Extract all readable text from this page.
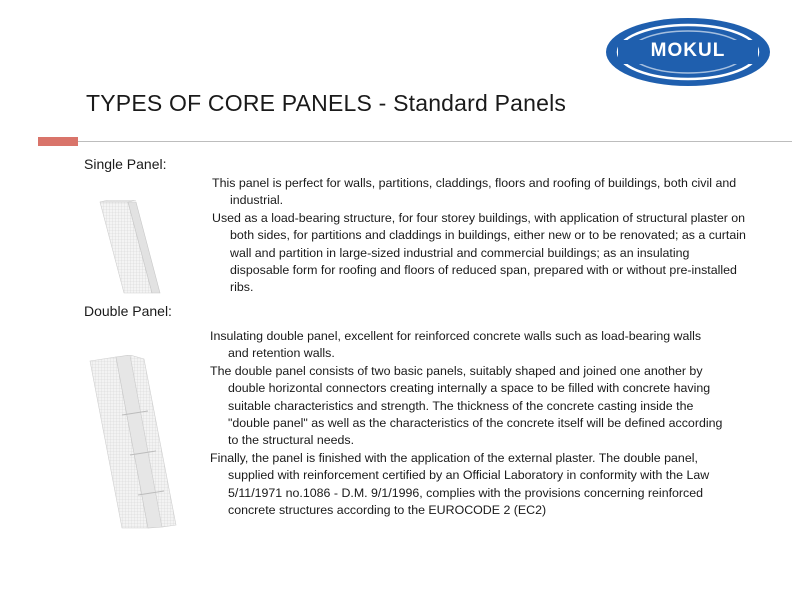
MOKUL
TYPES OF CORE PANELS - Standard Panels
Single Panel:

This panel is perfect for walls, partitions, claddings, floors and roofing of buildings, both civil and industrial.

Used as a load-bearing structure, for four storey buildings, with application of structural plaster on both sides, for partitions and claddings in buildings, either new or to be renovated; as a curtain wall and partition in large-sized industrial and commercial buildings; as an insulating disposable form for roofing and floors of reduced span, prepared with or without pre-installed ribs.

Double Panel:

Insulating double panel, excellent for reinforced concrete walls such as load-bearing walls and retention walls.

The double panel consists of two basic panels, suitably shaped and joined one another by double horizontal connectors creating internally a space to be filled with concrete having suitable characteristics and strength. The thickness of the concrete casting inside the "double panel" as well as the characteristics of the concrete itself will be defined according to the structural needs.

Finally, the panel is finished with the application of the external plaster. The double panel, supplied with reinforcement certified by an Official Laboratory in conformity with the Law 5/11/1971 no.1086 - D.M. 9/1/1996, complies with the provisions concerning reinforced concrete structures according to the EUROCODE 2 (EC2)
